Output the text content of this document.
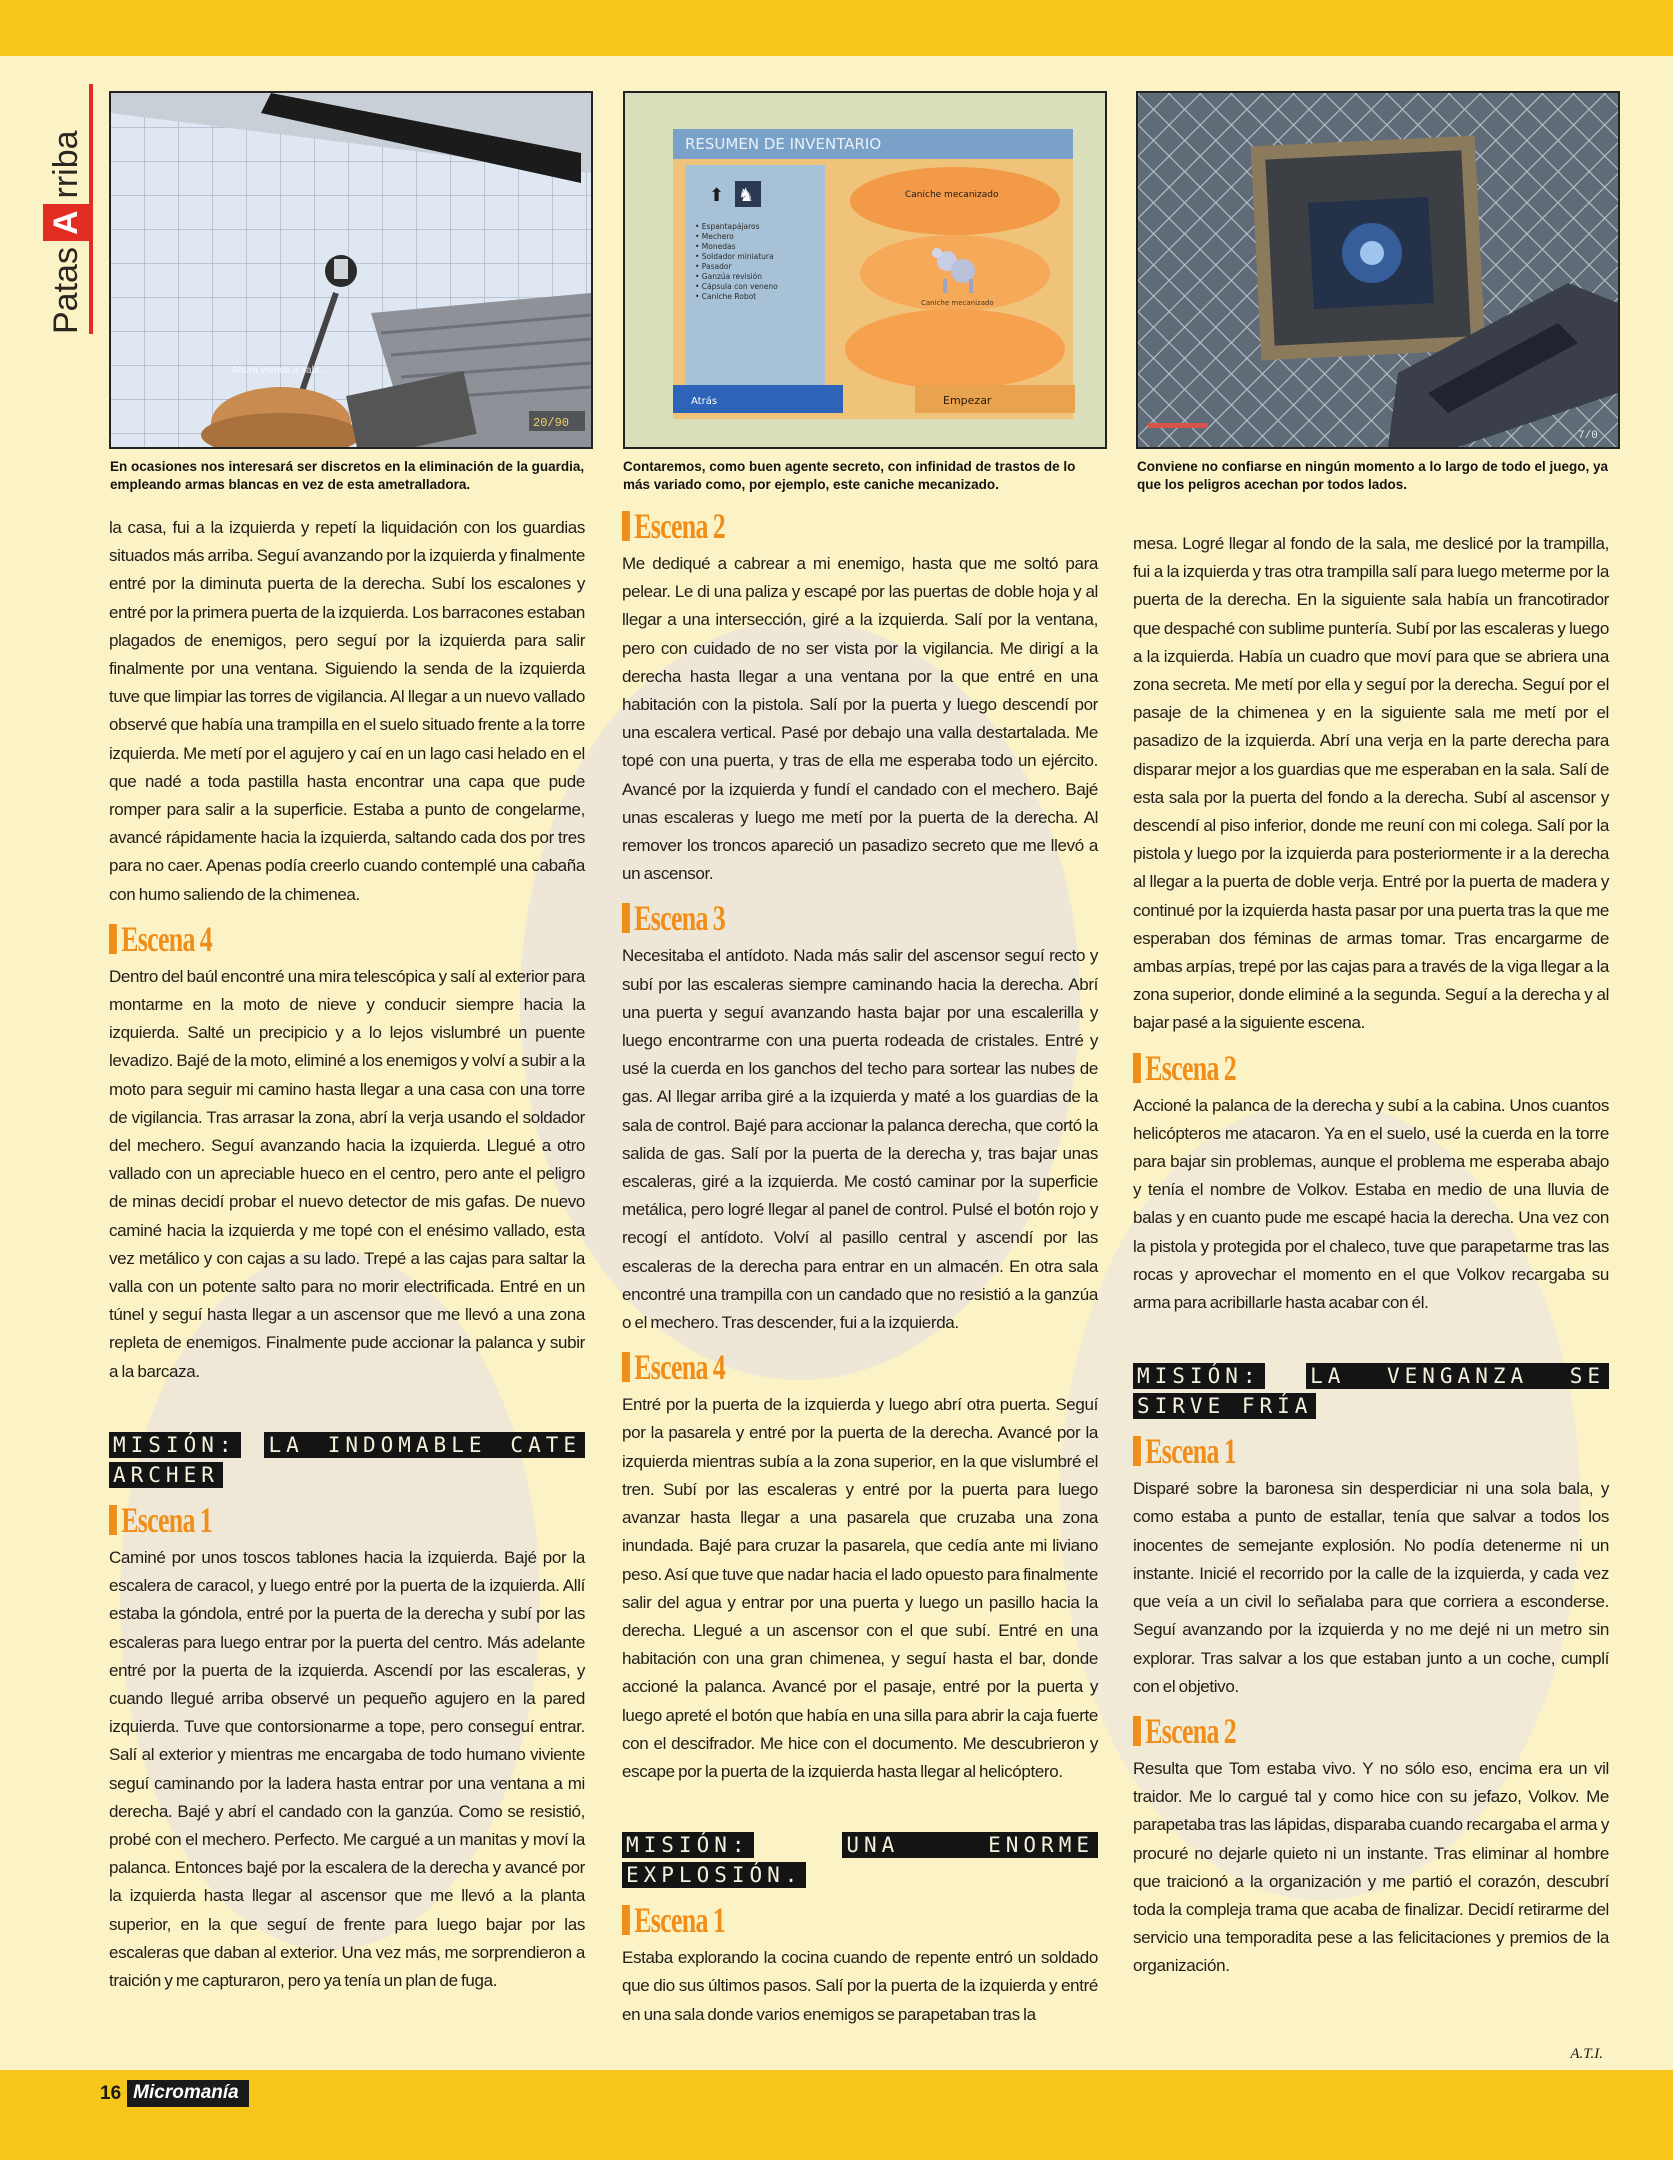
Patas
A
rriba
Ahora vamos a salir...
20/90
En ocasiones nos interesará ser discretos en la eliminación de la guardia, empleando armas blancas en vez de esta ametralladora.
RESUMEN DE INVENTARIO
⬆ ♞
• Espantapájaros
• Mechero
• Monedas
• Soldador miniatura
• Pasador
• Ganzúa revisión
• Cápsula con veneno
• Caniche Robot
Caniche mecanizado
Caniche mecanizado
Atrás	Empezar
Contaremos, como buen agente secreto, con infinidad de trastos de lo más variado como, por ejemplo, este caniche mecanizado.
7/0
Conviene no confiarse en ningún momento a lo largo de todo el juego, ya que los peligros acechan por todos lados.

la casa, fui a la izquierda y repetí la liquidación con los guardias situados más arriba. Seguí avanzando por la izquierda y finalmente entré por la diminuta puerta de la derecha. Subí los escalones y entré por la primera puerta de la izquierda. Los barracones estaban plagados de enemigos, pero seguí por la izquierda para salir finalmente por una ventana. Siguiendo la senda de la izquierda tuve que limpiar las torres de vigilancia. Al llegar a un nuevo vallado observé que había una trampilla en el suelo situado frente a la torre izquierda. Me metí por el agujero y caí en un lago casi helado en el que nadé a toda pastilla hasta encontrar una capa que pude romper para salir a la superficie. Estaba a punto de congelarme, avancé rápidamente hacia la izquierda, saltando cada dos por tres para no caer. Apenas podía creerlo cuando contemplé una cabaña con humo saliendo de la chimenea.

Escena 4

Dentro del baúl encontré una mira telescópica y salí al exterior para montarme en la moto de nieve y conducir siempre hacia la izquierda. Salté un precipicio y a lo lejos vislumbré un puente levadizo. Bajé de la moto, eliminé a los enemigos y volví a subir a la moto para seguir mi camino hasta llegar a una casa con una torre de vigilancia. Tras arrasar la zona, abrí la verja usando el soldador del mechero. Seguí avanzando hacia la izquierda. Llegué a otro vallado con un apreciable hueco en el centro, pero ante el peligro de minas decidí probar el nuevo detector de mis gafas. De nuevo caminé hacia la izquierda y me topé con el enésimo vallado, esta vez metálico y con cajas a su lado. Trepé a las cajas para saltar la valla con un potente salto para no morir electrificada. Entré en un túnel y seguí hasta llegar a un ascensor que me llevó a una zona repleta de enemigos. Finalmente pude accionar la palanca y subir a la barcaza.

MISIÓN: LA INDOMABLE CATE ARCHER
Escena 1

Caminé por unos toscos tablones hacia la izquierda. Bajé por la escalera de caracol, y luego entré por la puerta de la izquierda. Allí estaba la góndola, entré por la puerta de la derecha y subí por las escaleras para luego entrar por la puerta del centro. Más adelante entré por la puerta de la izquierda. Ascendí por las escaleras, y cuando llegué arriba observé un pequeño agujero en la pared izquierda. Tuve que contorsionarme a tope, pero conseguí entrar. Salí al exterior y mientras me encargaba de todo humano viviente seguí caminando por la ladera hasta entrar por una ventana a mi derecha. Bajé y abrí el candado con la ganzúa. Como se resistió, probé con el mechero. Perfecto. Me cargué a un manitas y moví la palanca. Entonces bajé por la escalera de la derecha y avancé por la izquierda hasta llegar al ascensor que me llevó a la planta superior, en la que seguí de frente para luego bajar por las escaleras que daban al exterior. Una vez más, me sorprendieron a traición y me capturaron, pero ya tenía un plan de fuga.

Escena 2

Me dediqué a cabrear a mi enemigo, hasta que me soltó para pelear. Le di una paliza y escapé por las puertas de doble hoja y al llegar a una intersección, giré a la izquierda. Salí por la ventana, pero con cuidado de no ser vista por la vigilancia. Me dirigí a la derecha hasta llegar a una ventana por la que entré en una habitación con la pistola. Salí por la puerta y luego descendí por una escalera vertical. Pasé por debajo una valla destartalada. Me topé con una puerta, y tras de ella me esperaba todo un ejército. Avancé por la izquierda y fundí el candado con el mechero. Bajé unas escaleras y luego me metí por la puerta de la derecha. Al remover los troncos apareció un pasadizo secreto que me llevó a un ascensor.

Escena 3

Necesitaba el antídoto. Nada más salir del ascensor seguí recto y subí por las escaleras siempre caminando hacia la derecha. Abrí una puerta y seguí avanzando hasta bajar por una escalerilla y luego encontrarme con una puerta rodeada de cristales. Entré y usé la cuerda en los ganchos del techo para sortear las nubes de gas. Al llegar arriba giré a la izquierda y maté a los guardias de la sala de control. Bajé para accionar la palanca derecha, que cortó la salida de gas. Salí por la puerta de la derecha y, tras bajar unas escaleras, giré a la izquierda. Me costó caminar por la superficie metálica, pero logré llegar al panel de control. Pulsé el botón rojo y recogí el antídoto. Volví al pasillo central y ascendí por las escaleras de la derecha para entrar en un almacén. En otra sala encontré una trampilla con un candado que no resistió a la ganzúa o el mechero. Tras descender, fui a la izquierda.

Escena 4

Entré por la puerta de la izquierda y luego abrí otra puerta. Seguí por la pasarela y entré por la puerta de la derecha. Avancé por la izquierda mientras subía a la zona superior, en la que vislumbré el tren. Subí por las escaleras y entré por la puerta para luego avanzar hasta llegar a una pasarela que cruzaba una zona inundada. Bajé para cruzar la pasarela, que cedía ante mi liviano peso. Así que tuve que nadar hacia el lado opuesto para finalmente salir del agua y entrar por una puerta y luego un pasillo hacia la derecha. Llegué a un ascensor con el que subí. Entré en una habitación con una gran chimenea, y seguí hasta el bar, donde accioné la palanca. Avancé por el pasaje, entré por la puerta y luego apreté el botón que había en una silla para abrir la caja fuerte con el descifrador. Me hice con el documento. Me descubrieron y escape por la puerta de la izquierda hasta llegar al helicóptero.

MISIÓN:	UNA ENORME EXPLOSIÓN.
Escena 1

Estaba explorando la cocina cuando de repente entró un soldado que dio sus últimos pasos. Salí por la puerta de la izquierda y entré en una sala donde varios enemigos se parapetaban tras la

mesa. Logré llegar al fondo de la sala, me deslicé por la trampilla, fui a la izquierda y tras otra trampilla salí para luego meterme por la puerta de la derecha. En la siguiente sala había un francotirador que despaché con sublime puntería. Subí por las escaleras y luego a la izquierda. Había un cuadro que moví para que se abriera una zona secreta. Me metí por ella y seguí por la derecha. Seguí por el pasaje de la chimenea y en la siguiente sala me metí por el pasadizo de la izquierda. Abrí una verja en la parte derecha para disparar mejor a los guardias que me esperaban en la sala. Salí de esta sala por la puerta del fondo a la derecha. Subí al ascensor y descendí al piso inferior, donde me reuní con mi colega. Salí por la pistola y luego por la izquierda para posteriormente ir a la derecha al llegar a la puerta de doble verja. Entré por la puerta de madera y continué por la izquierda hasta pasar por una puerta tras la que me esperaban dos féminas de armas tomar. Tras encargarme de ambas arpías, trepé por las cajas para a través de la viga llegar a la zona superior, donde eliminé a la segunda. Seguí a la derecha y al bajar pasé a la siguiente escena.

Escena 2

Accioné la palanca de la derecha y subí a la cabina. Unos cuantos helicópteros me atacaron. Ya en el suelo, usé la cuerda en la torre para bajar sin problemas, aunque el problema me esperaba abajo y tenía el nombre de Volkov. Estaba en medio de una lluvia de balas y en cuanto pude me escapé hacia la derecha. Una vez con la pistola y protegida por el chaleco, tuve que parapetarme tras las rocas y aprovechar el momento en el que Volkov recargaba su arma para acribillarle hasta acabar con él.

MISIÓN: LA VENGANZA SE SIRVE FRÍA
Escena 1

Disparé sobre la baronesa sin desperdiciar ni una sola bala, y como estaba a punto de estallar, tenía que salvar a todos los inocentes de semejante explosión. No podía detenerme ni un instante. Inicié el recorrido por la calle de la izquierda, y cada vez que veía a un civil lo señalaba para que corriera a esconderse. Seguí avanzando por la izquierda y no me dejé ni un metro sin explorar. Tras salvar a los que estaban junto a un coche, cumplí con el objetivo.

Escena 2

Resulta que Tom estaba vivo. Y no sólo eso, encima era un vil traidor. Me lo cargué tal y como hice con su jefazo, Volkov. Me parapetaba tras las lápidas, disparaba cuando recargaba el arma y procuré no dejarle quieto ni un instante. Tras eliminar al hombre que traicionó a la organización y me partió el corazón, descubrí toda la compleja trama que acaba de finalizar. Decidí retirarme del servicio una temporadita pese a las felicitaciones y premios de la organización.

A.T.I.
16 Micromanía
